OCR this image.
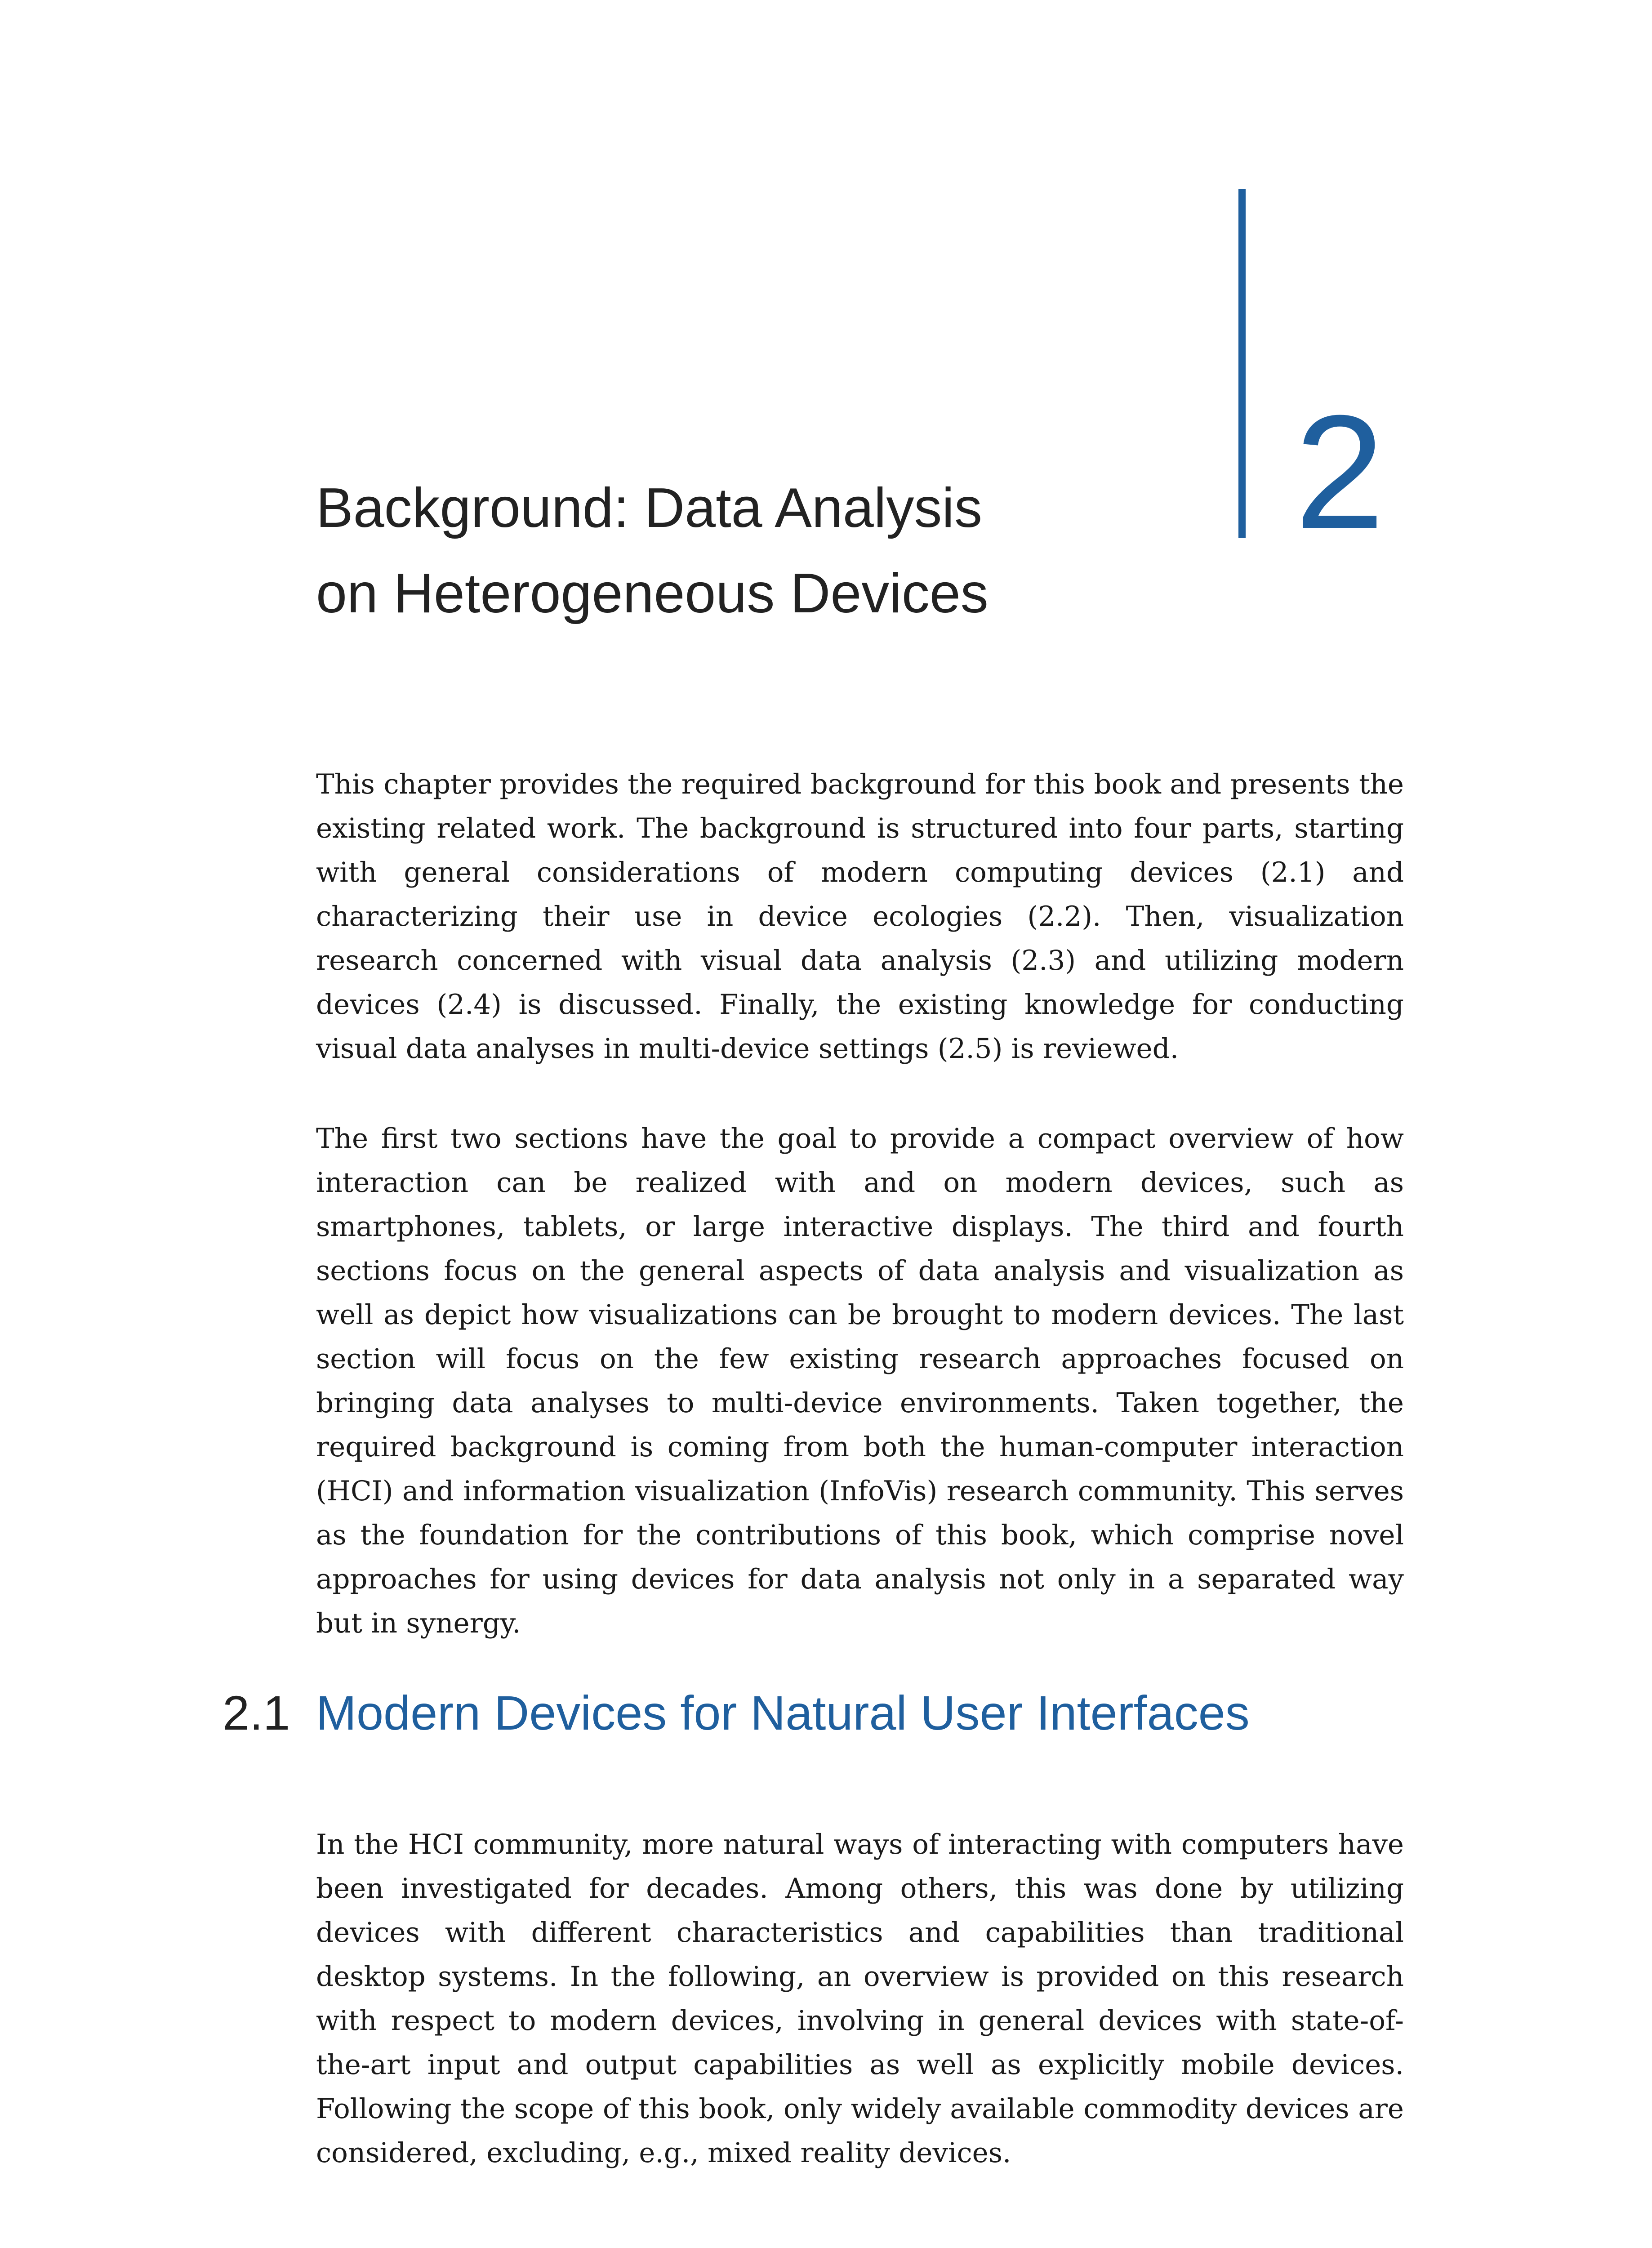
Background: Data Analysis
on Heterogeneous Devices
2

This chapter provides the required background for this book and presents the existing related work. The background is structured into four parts, starting with general considerations of modern computing devices (2.1) and characterizing their use in device ecologies (2.2). Then, visualization research concerned with visual data analysis (2.3) and utilizing modern devices (2.4) is discussed. Finally, the existing knowledge for conducting visual data analyses in multi-device settings (2.5) is reviewed.

The first two sections have the goal to provide a compact overview of how interaction can be realized with and on modern devices, such as smartphones, tablets, or large interactive displays. The third and fourth sections focus on the general aspects of data analysis and visualization as well as depict how visualizations can be brought to modern devices. The last section will focus on the few existing research approaches focused on bringing data analyses to multi-device environments. Taken together, the required background is coming from both the human-computer interaction (HCI) and information visualization (InfoVis) research community. This serves as the foundation for the contributions of this book, which comprise novel approaches for using devices for data analysis not only in a separated way but in synergy.

2.1 Modern Devices for Natural User Interfaces

In the HCI community, more natural ways of interacting with computers have been investigated for decades. Among others, this was done by utilizing devices with different characteristics and capabilities than traditional desktop systems. In the following, an overview is provided on this research with respect to modern devices, involving in general devices with state-of-the-art input and output capabilities as well as explicitly mobile devices. Following the scope of this book, only widely available commodity devices are considered, excluding, e.g., mixed reality devices.
